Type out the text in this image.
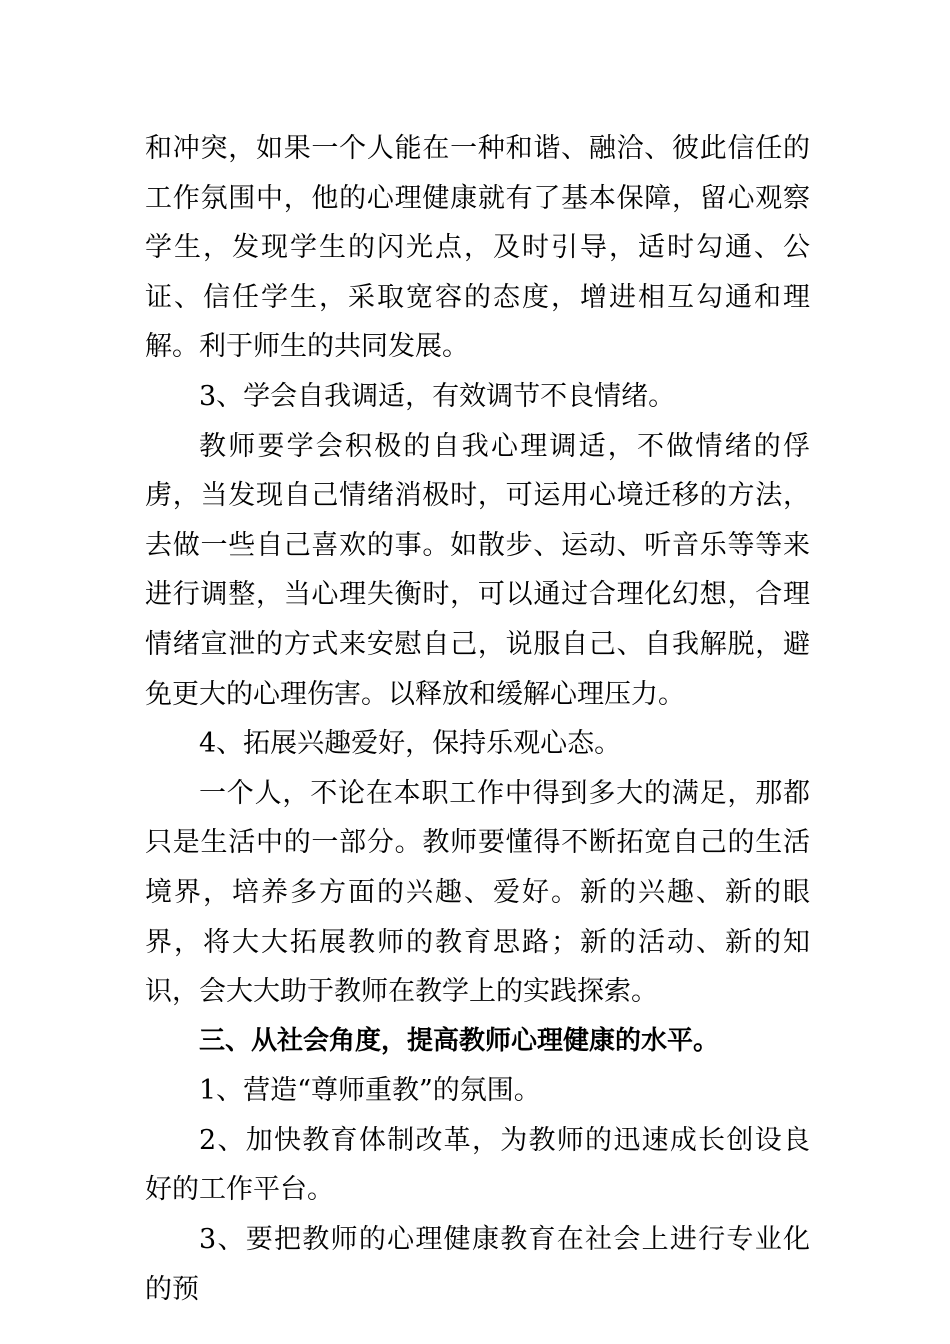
和冲突，如果一个人能在一种和谐、融洽、彼此信任的工作氛围中，他的心理健康就有了基本保障，留心观察学生，发现学生的闪光点，及时引导，适时勾通、公证、信任学生，采取宽容的态度，增进相互勾通和理解。利于师生的共同发展。

3、学会自我调适，有效调节不良情绪。

教师要学会积极的自我心理调适，不做情绪的俘虏，当发现自己情绪消极时，可运用心境迁移的方法，去做一些自己喜欢的事。如散步、运动、听音乐等等来进行调整，当心理失衡时，可以通过合理化幻想，合理情绪宣泄的方式来安慰自己，说服自己、自我解脱，避免更大的心理伤害。以释放和缓解心理压力。

4、拓展兴趣爱好，保持乐观心态。

一个人，不论在本职工作中得到多大的满足，那都只是生活中的一部分。教师要懂得不断拓宽自己的生活境界，培养多方面的兴趣、爱好。新的兴趣、新的眼界，将大大拓展教师的教育思路；新的活动、新的知识，会大大助于教师在教学上的实践探索。

三、从社会角度，提高教师心理健康的水平。

1、营造“尊师重教”的氛围。

2、加快教育体制改革，为教师的迅速成长创设良好的工作平台。

3、要把教师的心理健康教育在社会上进行专业化的预
